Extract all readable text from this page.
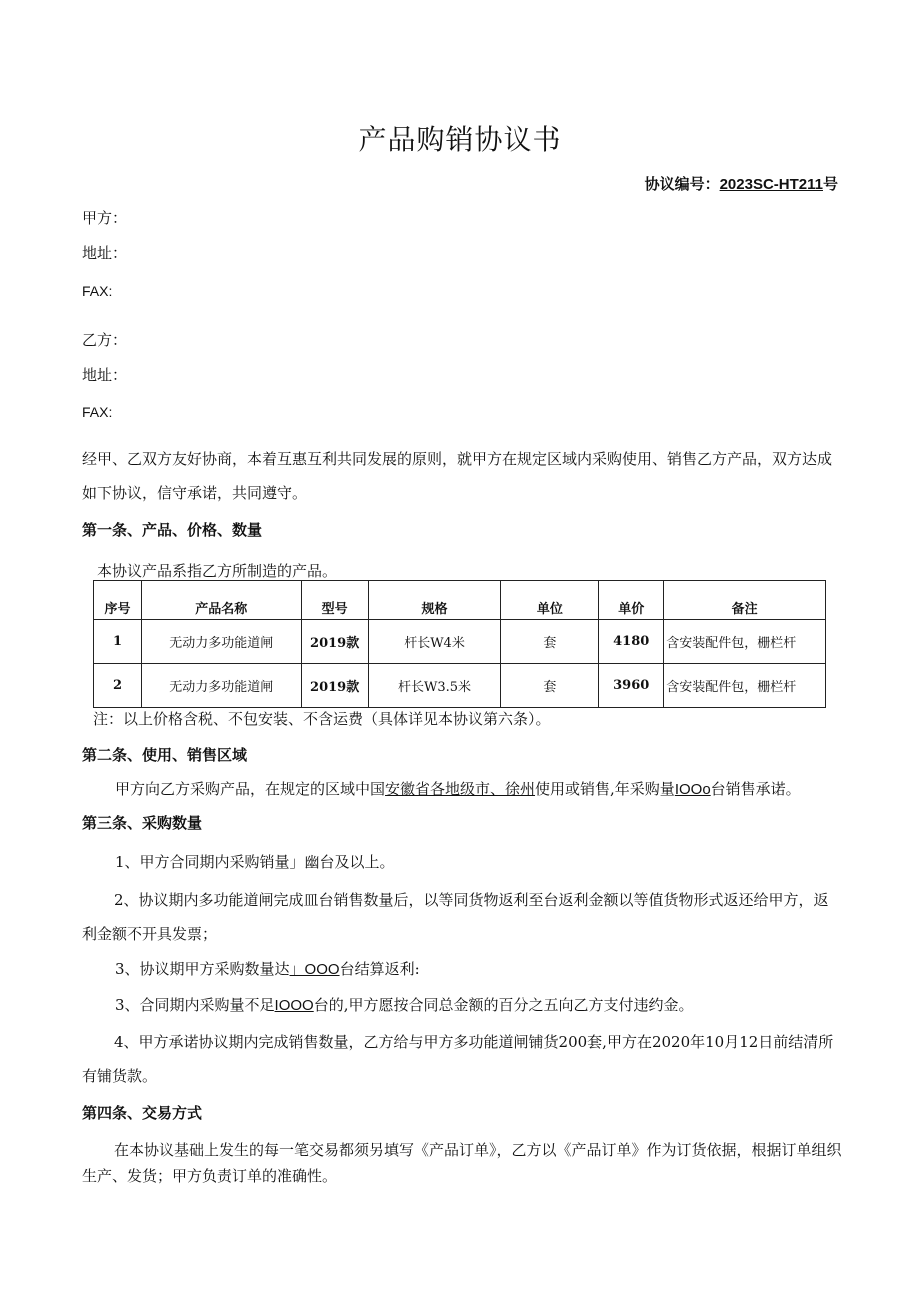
产品购销协议书
协议编号：2023SC-HT211号
甲方：
地址：
FAX:
乙方：
地址：
FAX:
经甲、乙双方友好协商，本着互惠互利共同发展的原则，就甲方在规定区域内采购使用、销售乙方产品，双方达成如下协议，信守承诺，共同遵守。
第一条、产品、价格、数量
本协议产品系指乙方所制造的产品。
序号	产品名称	型号	规格	单位	单价	备注
1	无动力多功能道闸	2019款	杆长W4米	套	4180	含安装配件包，栅栏杆
2	无动力多功能道闸	2019款	杆长W3.5米	套	3960	含安装配件包，栅栏杆
注：以上价格含税、不包安装、不含运费（具体详见本协议第六条）。
第二条、使用、销售区域
甲方向乙方采购产品，在规定的区域中国安徽省各地级市、徐州使用或销售,年采购量IOOo台销售承诺。
第三条、采购数量
1、甲方合同期内采购销量」幽台及以上。
2、协议期内多功能道闸完成皿台销售数量后，以等同货物返利至台返利金额以等值货物形式返还给甲方，返利金额不开具发票；
3、协议期甲方采购数量达」OOO台结算返利:
3、合同期内采购量不足IOOO台的,甲方愿按合同总金额的百分之五向乙方支付违约金。
4、甲方承诺协议期内完成销售数量，乙方给与甲方多功能道闸铺货200套,甲方在2020年10月12日前结清所有铺货款。
第四条、交易方式
在本协议基础上发生的每一笔交易都须另填写《产品订单》，乙方以《产品订单》作为订货依据，根据订单组织生产、发货；甲方负责订单的准确性。
